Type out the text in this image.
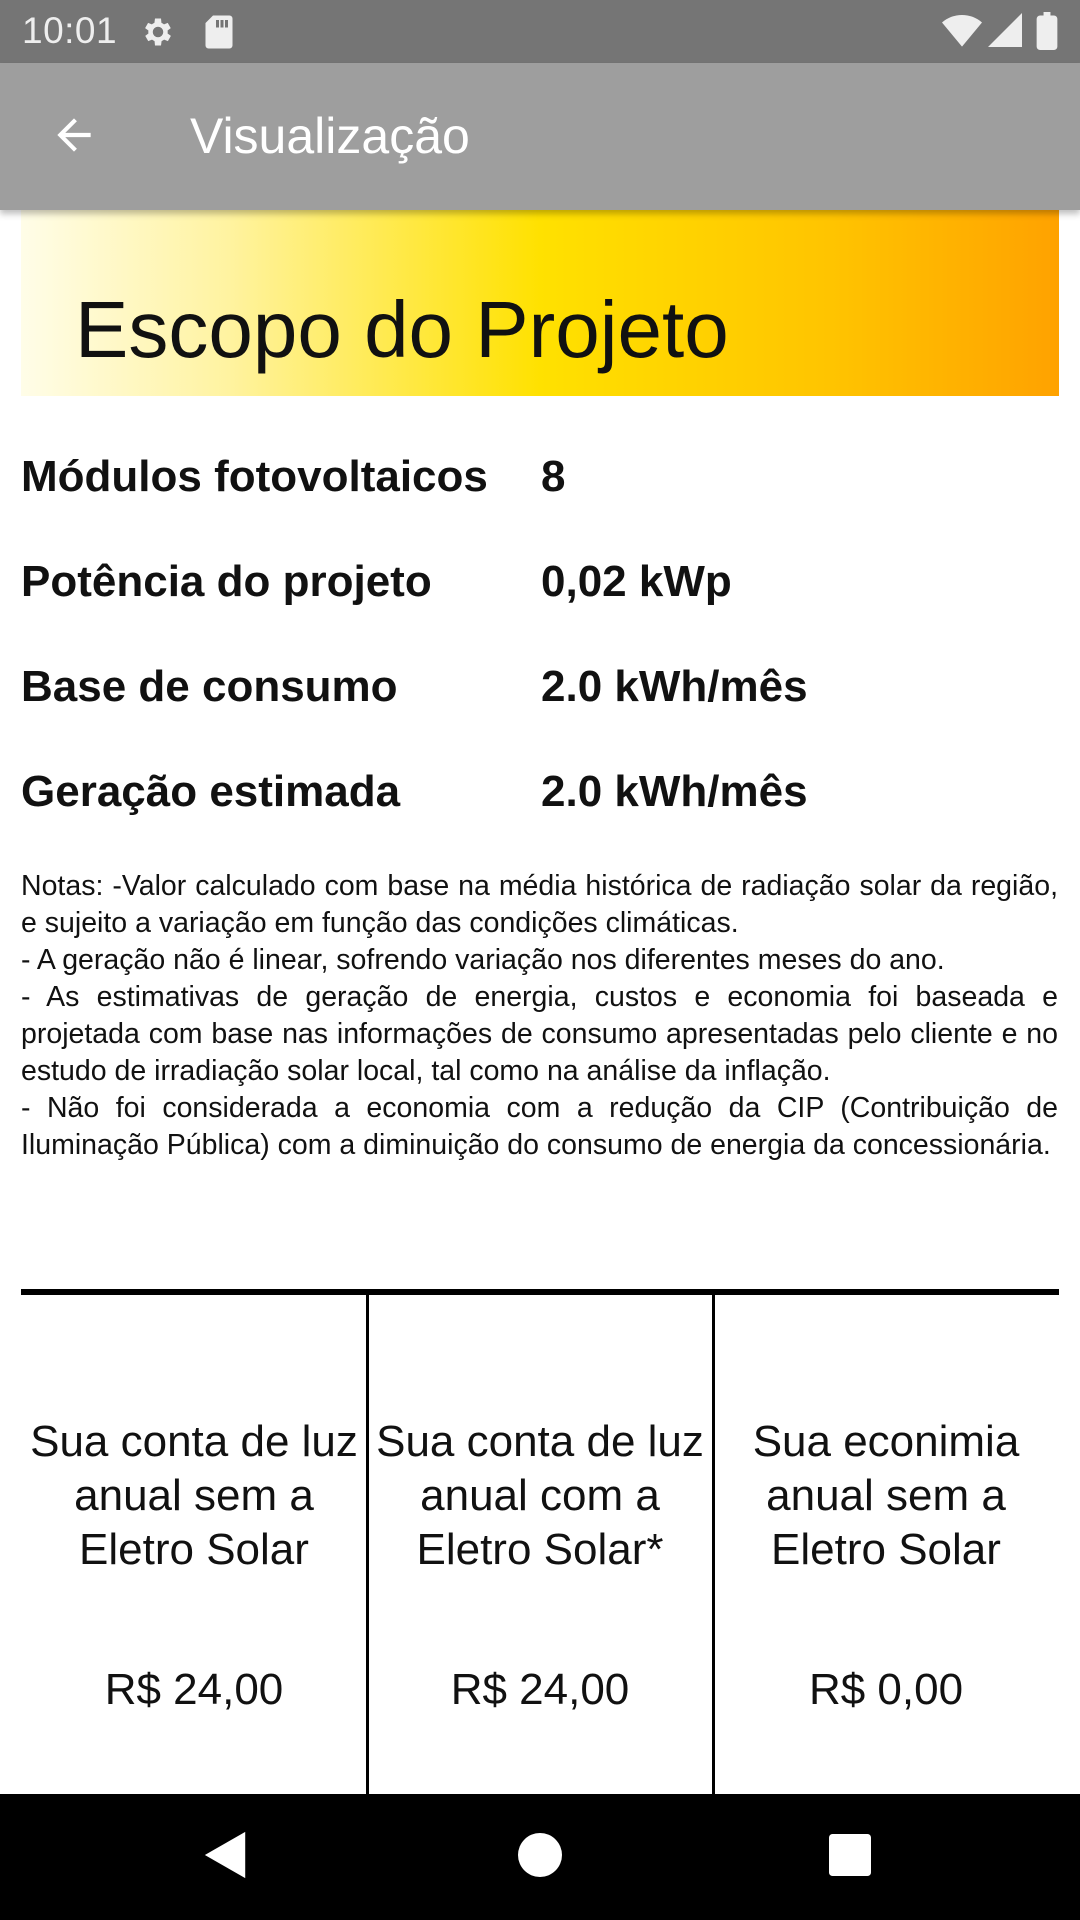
10:01
Visualização
Escopo do Projeto
Módulos fotovoltaicos 8
Potência do projeto 0,02 kWp
Base de consumo	2.0 kWh/mês
Geração estimada	2.0 kWh/mês

Notas: -Valor calculado com base na média histórica de radiação solar da região, e sujeito a variação em função das condições climáticas.

- A geração não é linear, sofrendo variação nos diferentes meses do ano.

- As estimativas de geração de energia, custos e economia foi baseada e projetada com base nas informações de consumo apresentadas pelo cliente e no estudo de irradiação solar local, tal como na análise da inflação.

- Não foi considerada a economia com a redução da CIP (Contribuição de Iluminação Pública) com a diminuição do consumo de energia da concessionária.

Sua conta de luz anual sem a Eletro Solar
R$ 24,00
Sua conta de luz anual com a Eletro Solar*
R$ 24,00
Sua econimia anual sem a Eletro Solar
R$ 0,00
